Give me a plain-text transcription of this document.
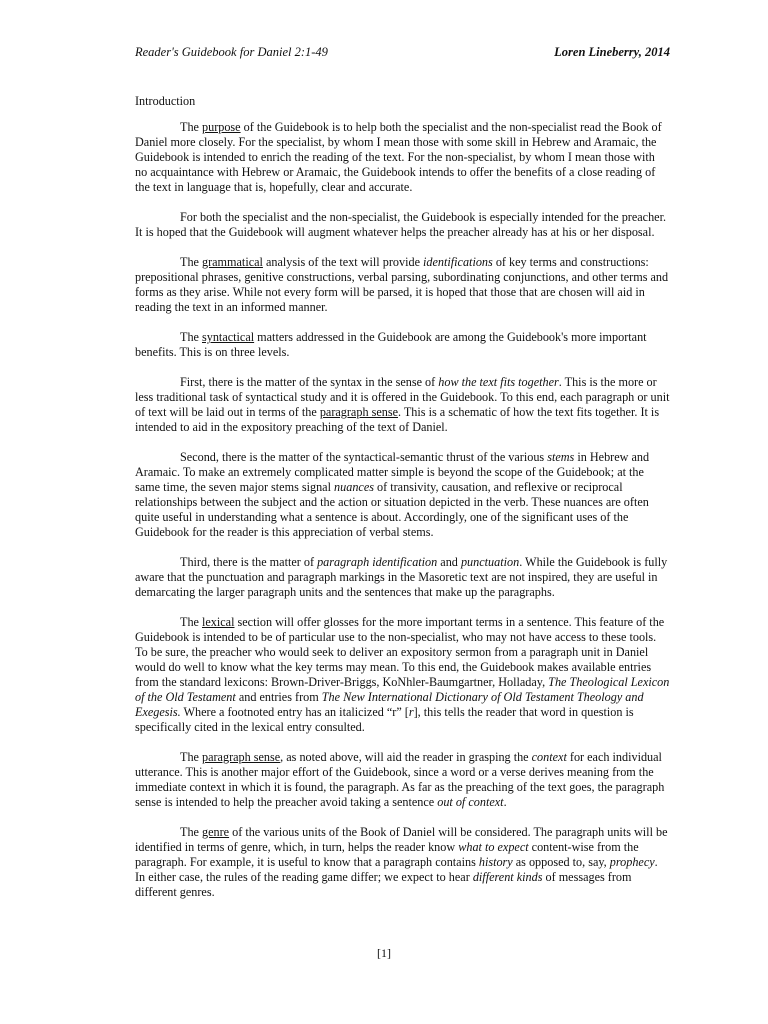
Reader's Guidebook for Daniel 2:1-49	Loren Lineberry, 2014
Introduction

The purpose of the Guidebook is to help both the specialist and the non-specialist read the Book of Daniel more closely. For the specialist, by whom I mean those with some skill in Hebrew and Aramaic, the Guidebook is intended to enrich the reading of the text. For the non-specialist, by whom I mean those with no acquaintance with Hebrew or Aramaic, the Guidebook intends to offer the benefits of a close reading of the text in language that is, hopefully, clear and accurate.

For both the specialist and the non-specialist, the Guidebook is especially intended for the preacher. It is hoped that the Guidebook will augment whatever helps the preacher already has at his or her disposal.

The grammatical analysis of the text will provide identifications of key terms and constructions: prepositional phrases, genitive constructions, verbal parsing, subordinating conjunctions, and other terms and forms as they arise. While not every form will be parsed, it is hoped that those that are chosen will aid in reading the text in an informed manner.

The syntactical matters addressed in the Guidebook are among the Guidebook's more important benefits. This is on three levels.

First, there is the matter of the syntax in the sense of how the text fits together. This is the more or less traditional task of syntactical study and it is offered in the Guidebook. To this end, each paragraph or unit of text will be laid out in terms of the paragraph sense. This is a schematic of how the text fits together. It is intended to aid in the expository preaching of the text of Daniel.

Second, there is the matter of the syntactical-semantic thrust of the various stems in Hebrew and Aramaic. To make an extremely complicated matter simple is beyond the scope of the Guidebook; at the same time, the seven major stems signal nuances of transivity, causation, and reflexive or reciprocal relationships between the subject and the action or situation depicted in the verb. These nuances are often quite useful in understanding what a sentence is about. Accordingly, one of the significant uses of the Guidebook for the reader is this appreciation of verbal stems.

Third, there is the matter of paragraph identification and punctuation. While the Guidebook is fully aware that the punctuation and paragraph markings in the Masoretic text are not inspired, they are useful in demarcating the larger paragraph units and the sentences that make up the paragraphs.

The lexical section will offer glosses for the more important terms in a sentence. This feature of the Guidebook is intended to be of particular use to the non-specialist, who may not have access to these tools. To be sure, the preacher who would seek to deliver an expository sermon from a paragraph unit in Daniel would do well to know what the key terms may mean. To this end, the Guidebook makes available entries from the standard lexicons: Brown-Driver-Briggs, KoNhler-Baumgartner, Holladay, The Theological Lexicon of the Old Testament and entries from The New International Dictionary of Old Testament Theology and Exegesis. Where a footnoted entry has an italicized “r” [r], this tells the reader that word in question is specifically cited in the lexical entry consulted.

The paragraph sense, as noted above, will aid the reader in grasping the context for each individual utterance. This is another major effort of the Guidebook, since a word or a verse derives meaning from the immediate context in which it is found, the paragraph. As far as the preaching of the text goes, the paragraph sense is intended to help the preacher avoid taking a sentence out of context.

The genre of the various units of the Book of Daniel will be considered. The paragraph units will be identified in terms of genre, which, in turn, helps the reader know what to expect content-wise from the paragraph. For example, it is useful to know that a paragraph contains history as opposed to, say, prophecy. In either case, the rules of the reading game differ; we expect to hear different kinds of messages from different genres.

[1]
